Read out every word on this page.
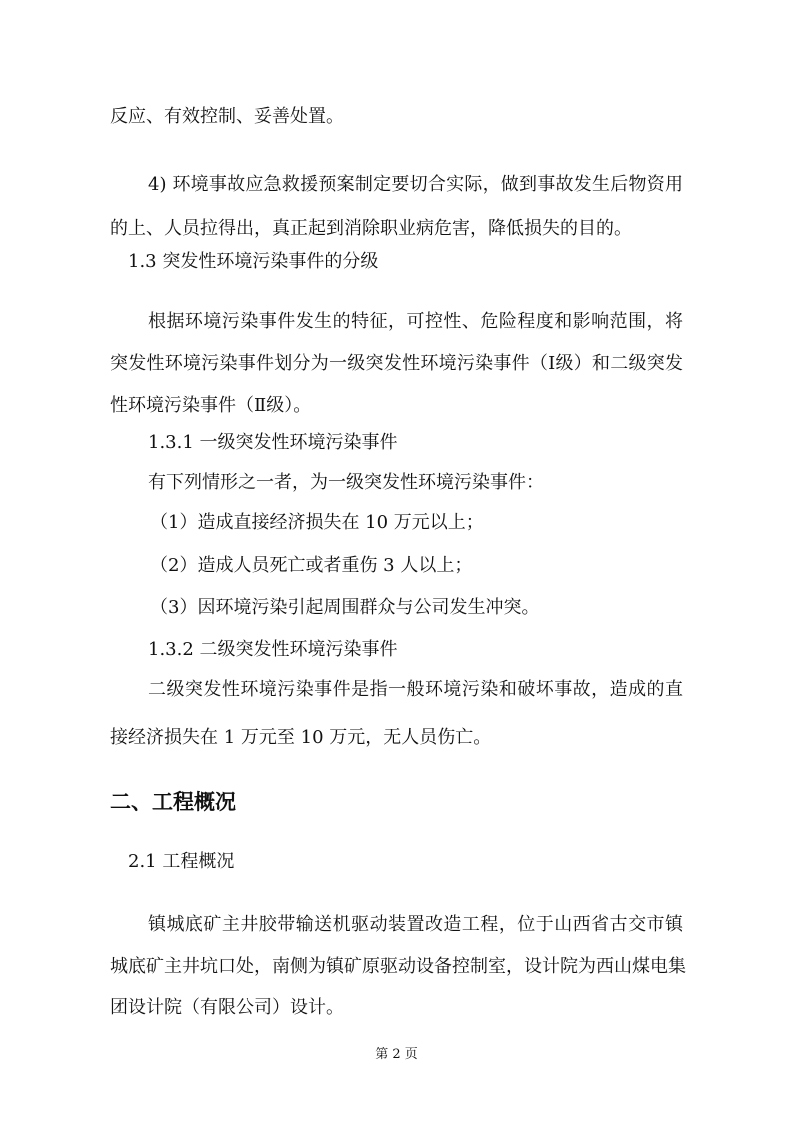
反应、有效控制、妥善处置。
4) 环境事故应急救援预案制定要切合实际，做到事故发生后物资用
的上、人员拉得出，真正起到消除职业病危害，降低损失的目的。
1.3 突发性环境污染事件的分级
根据环境污染事件发生的特征，可控性、危险程度和影响范围，将
突发性环境污染事件划分为一级突发性环境污染事件（I级）和二级突发
性环境污染事件（Ⅱ级）。
1.3.1 一级突发性环境污染事件
有下列情形之一者，为一级突发性环境污染事件：
（1）造成直接经济损失在 10 万元以上；
（2）造成人员死亡或者重伤 3 人以上；
（3）因环境污染引起周围群众与公司发生冲突。
1.3.2 二级突发性环境污染事件
二级突发性环境污染事件是指一般环境污染和破坏事故，造成的直
接经济损失在 1 万元至 10 万元，无人员伤亡。
二、工程概况
2.1 工程概况
镇城底矿主井胶带输送机驱动装置改造工程，位于山西省古交市镇
城底矿主井坑口处，南侧为镇矿原驱动设备控制室，设计院为西山煤电集
团设计院（有限公司）设计。
第 2 页
